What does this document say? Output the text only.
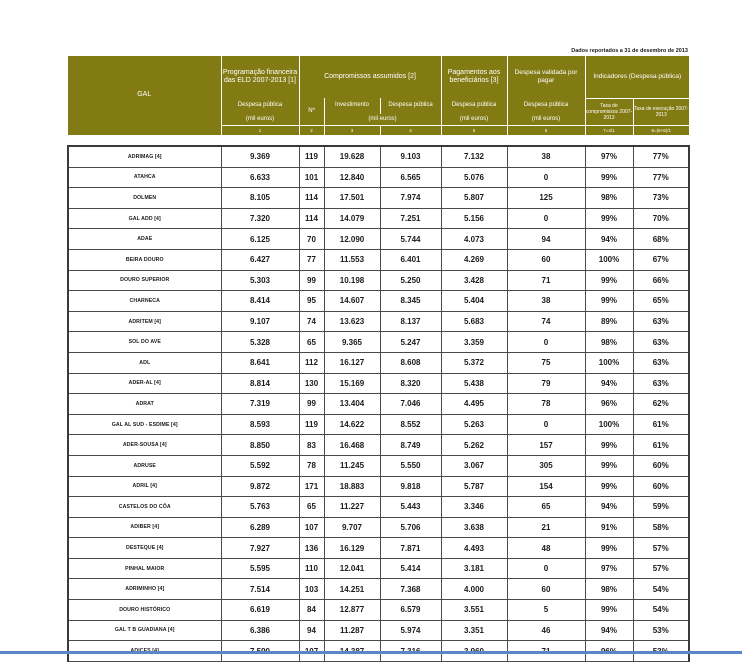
Dados reportados a 31 de desembro de 2013
GAL	Programação financeira das ELD 2007-2013 [1]	Compromissos assumidos [2]			Pagamentos aos beneficiários [3]	Despesa validada por pagar	Indicadores (Despesa pública)	
	Despesa pública	Nº	Investimento	Despesa pública	Despesa pública	Despesa pública	Taxa de compromissos 2007-2013	Taxa de execução 2007-2013
	(mil euros)		(mil euros)		(mil euros)	(mil euros)		
	1	2	3	4	5	6	7=4/1	8=(5+6)/1

ADRIMAG [4]	9.369	119	19.628	9.103	7.132	38	97%	77%
ATAHCA	6.633	101	12.840	6.565	5.076	0	99%	77%
DOLMEN	8.105	114	17.501	7.974	5.807	125	98%	73%
GAL ADD [4]	7.320	114	14.079	7.251	5.156	0	99%	70%
ADAE	6.125	70	12.090	5.744	4.073	94	94%	68%
BEIRA DOURO	6.427	77	11.553	6.401	4.269	60	100%	67%
DOURO SUPERIOR	5.303	99	10.198	5.250	3.428	71	99%	66%
CHARNECA	8.414	95	14.607	8.345	5.404	38	99%	65%
ADRITEM [4]	9.107	74	13.623	8.137	5.683	74	89%	63%
SOL DO AVE	5.328	65	9.365	5.247	3.359	0	98%	63%
ADL	8.641	112	16.127	8.608	5.372	75	100%	63%
ADER-AL [4]	8.814	130	15.169	8.320	5.438	79	94%	63%
ADRAT	7.319	99	13.404	7.046	4.495	78	96%	62%
GAL AL SUD - ESDIME [4]	8.593	119	14.622	8.552	5.263	0	100%	61%
ADER-SOUSA [4]	8.850	83	16.468	8.749	5.262	157	99%	61%
ADRUSE	5.592	78	11.245	5.550	3.067	305	99%	60%
ADRIL [4]	9.872	171	18.883	9.818	5.787	154	99%	60%
CASTELOS DO CÔA	5.763	65	11.227	5.443	3.346	65	94%	59%
ADIBER [4]	6.289	107	9.707	5.706	3.638	21	91%	58%
DESTEQUE [4]	7.927	136	16.129	7.871	4.493	48	99%	57%
PINHAL MAIOR	5.595	110	12.041	5.414	3.181	0	97%	57%
ADRIMINHO [4]	7.514	103	14.251	7.368	4.000	60	98%	54%
DOURO HISTÓRICO	6.619	84	12.877	6.579	3.551	5	99%	54%
GAL T B GUADIANA [4]	6.386	94	11.287	5.974	3.351	46	94%	53%
